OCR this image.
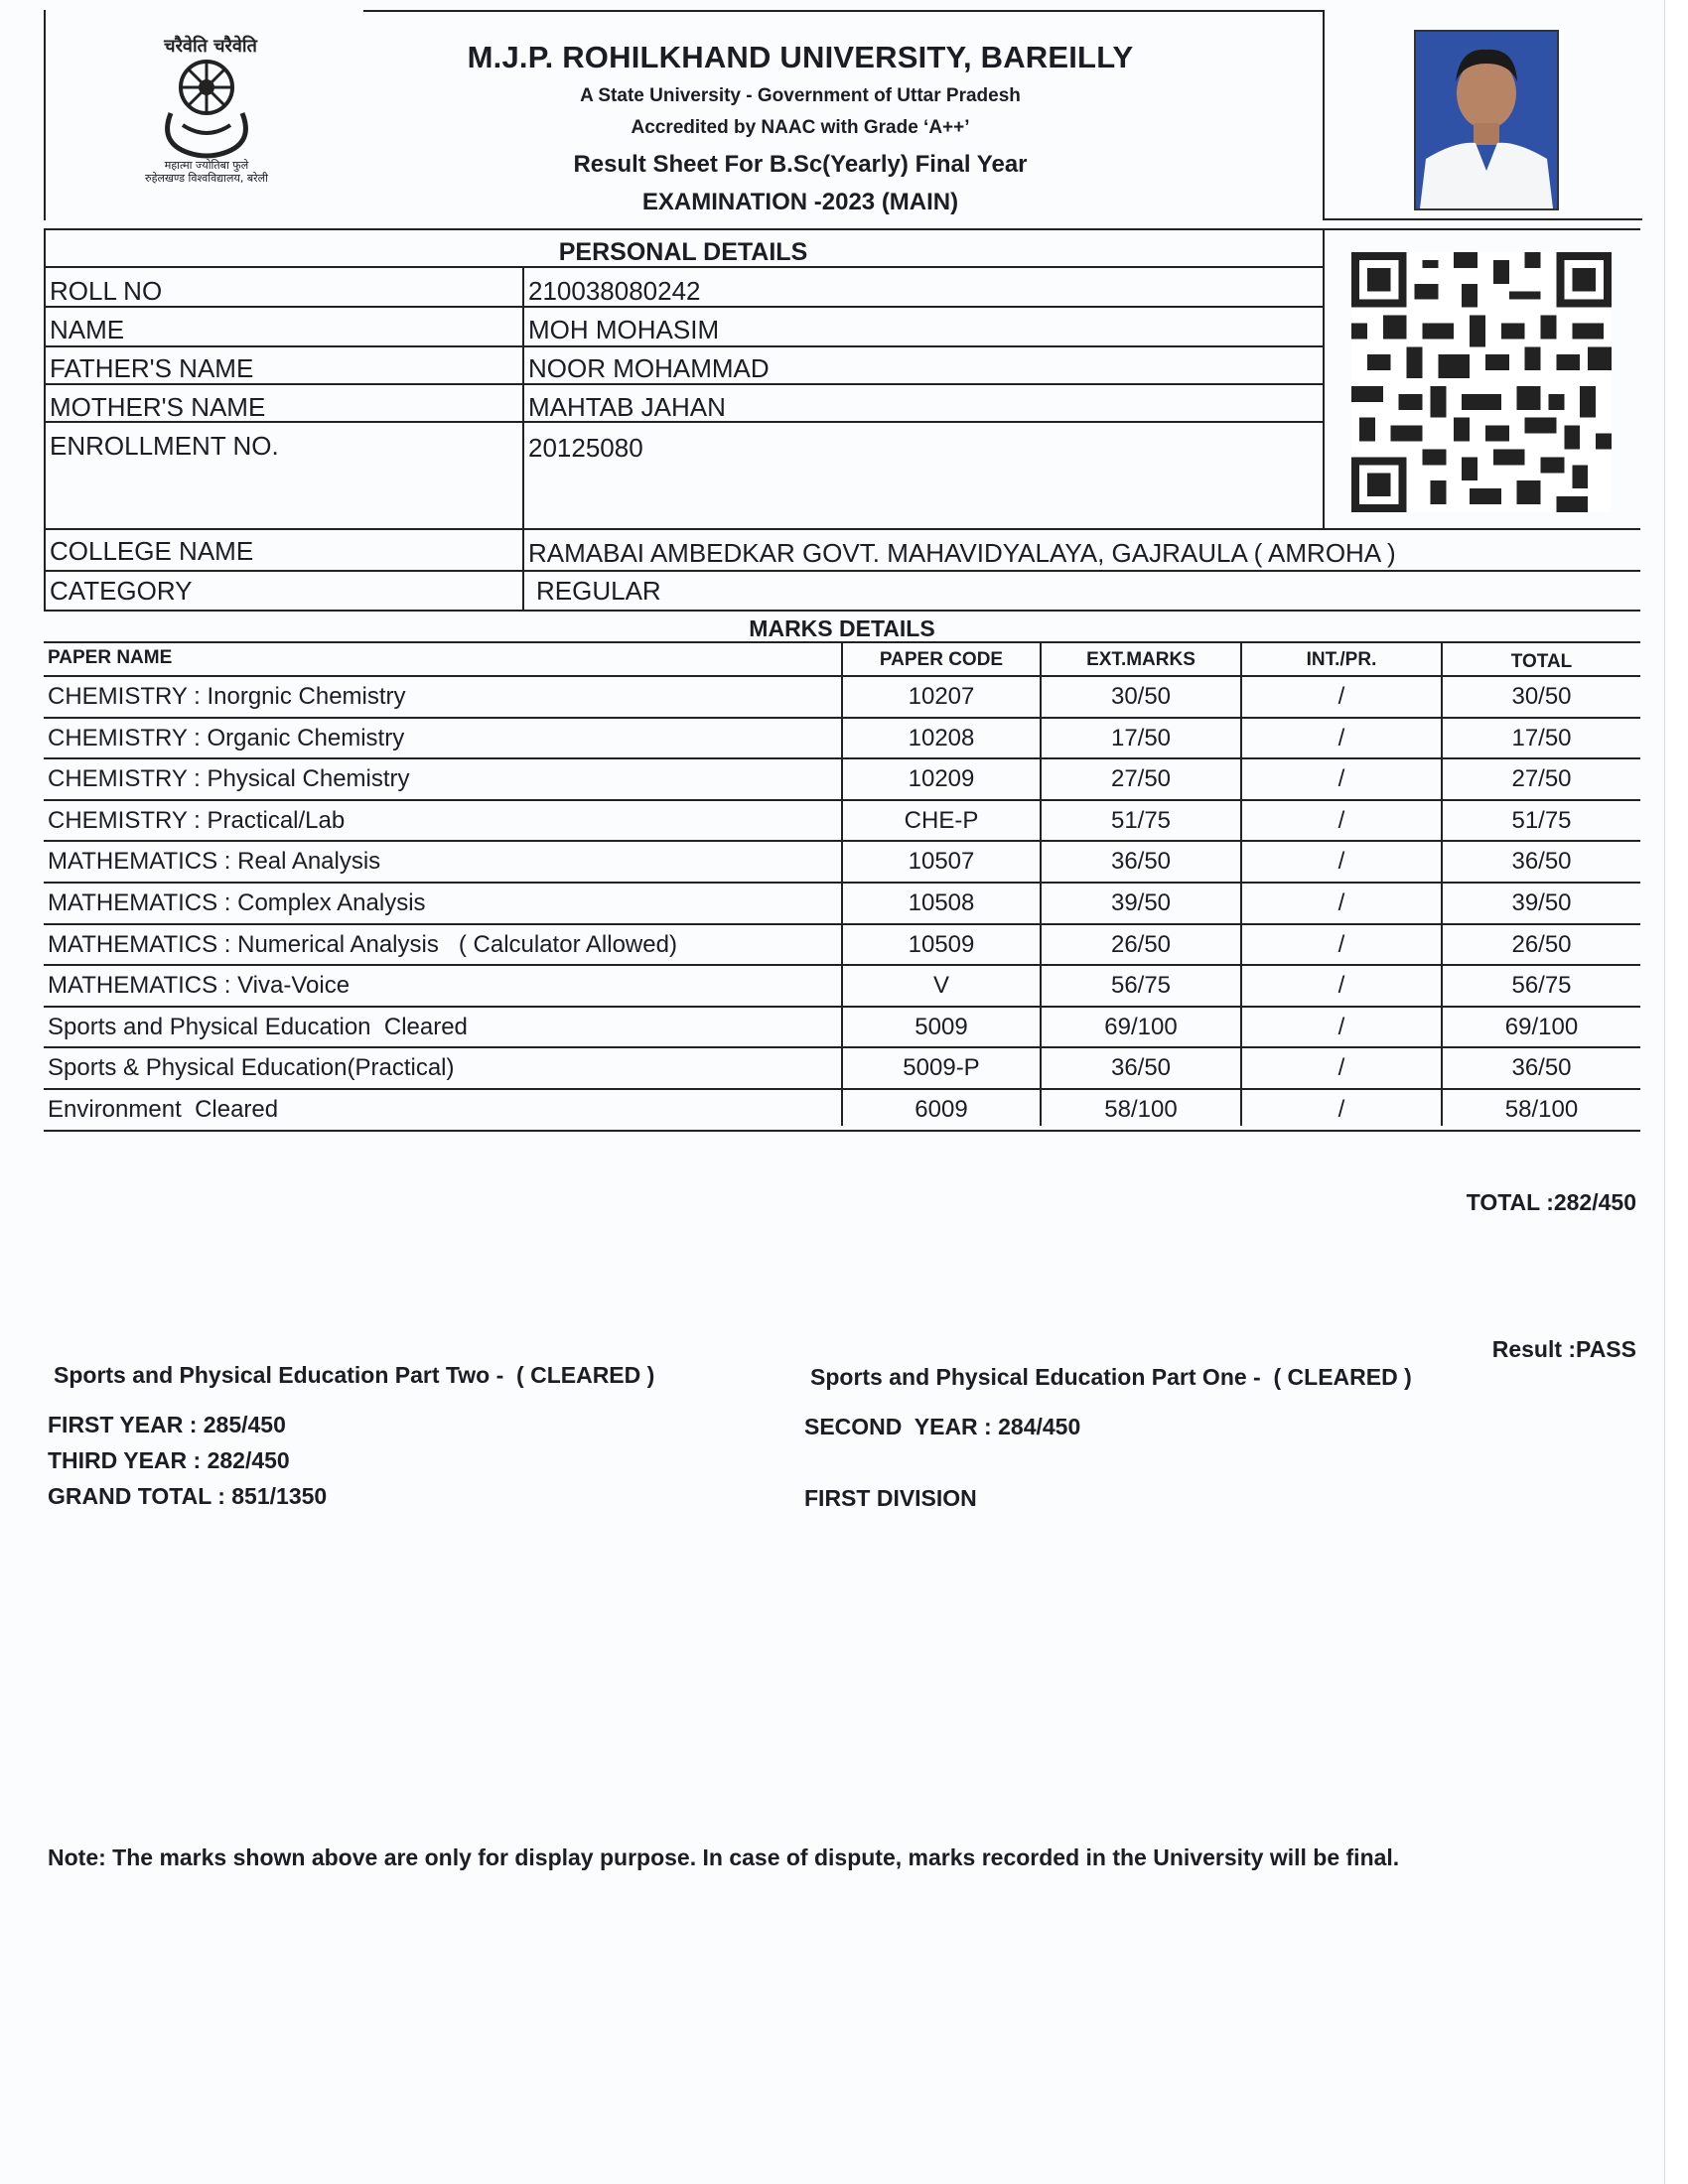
चरैवेति चरैवेति
महात्मा ज्योतिबा फुले
रुहेलखण्ड विश्वविद्यालय, बरेली
M.J.P. ROHILKHAND UNIVERSITY, BAREILLY
A State University - Government of Uttar Pradesh
Accredited by NAAC with Grade ‘A++’
Result Sheet For B.Sc(Yearly) Final Year
EXAMINATION -2023 (MAIN)
PERSONAL DETAILS
ROLL NO	210038080242
NAME	MOH MOHASIM
FATHER'S NAME	NOOR MOHAMMAD
MOTHER'S NAME	MAHTAB JAHAN
ENROLLMENT NO.	20125080
COLLEGE NAME	RAMABAI AMBEDKAR GOVT. MAHAVIDYALAYA, GAJRAULA ( AMROHA )
CATEGORY	REGULAR
MARKS DETAILS
PAPER NAME	PAPER CODE	EXT.MARKS	INT./PR.	TOTAL
CHEMISTRY : Inorgnic Chemistry	10207	30/50	/	30/50
CHEMISTRY : Organic Chemistry	10208	17/50	/	17/50
CHEMISTRY : Physical Chemistry	10209	27/50	/	27/50
CHEMISTRY : Practical/Lab	CHE-P	51/75	/	51/75
MATHEMATICS : Real Analysis	10507	36/50	/	36/50
MATHEMATICS : Complex Analysis	10508	39/50	/	39/50
MATHEMATICS : Numerical Analysis   ( Calculator Allowed)	10509	26/50	/	26/50
MATHEMATICS : Viva-Voice	V	56/75	/	56/75
Sports and Physical Education  Cleared	5009	69/100	/	69/100
Sports & Physical Education(Practical)	5009-P	36/50	/	36/50
Environment  Cleared	6009	58/100	/	58/100
TOTAL :282/450
Result :PASS
Sports and Physical Education Part Two -  ( CLEARED )	Sports and Physical Education Part One -  ( CLEARED )
FIRST YEAR : 285/450	SECOND  YEAR : 284/450
THIRD YEAR : 282/450
GRAND TOTAL : 851/1350	FIRST DIVISION
Note: The marks shown above are only for display purpose. In case of dispute, marks recorded in the University will be final.
